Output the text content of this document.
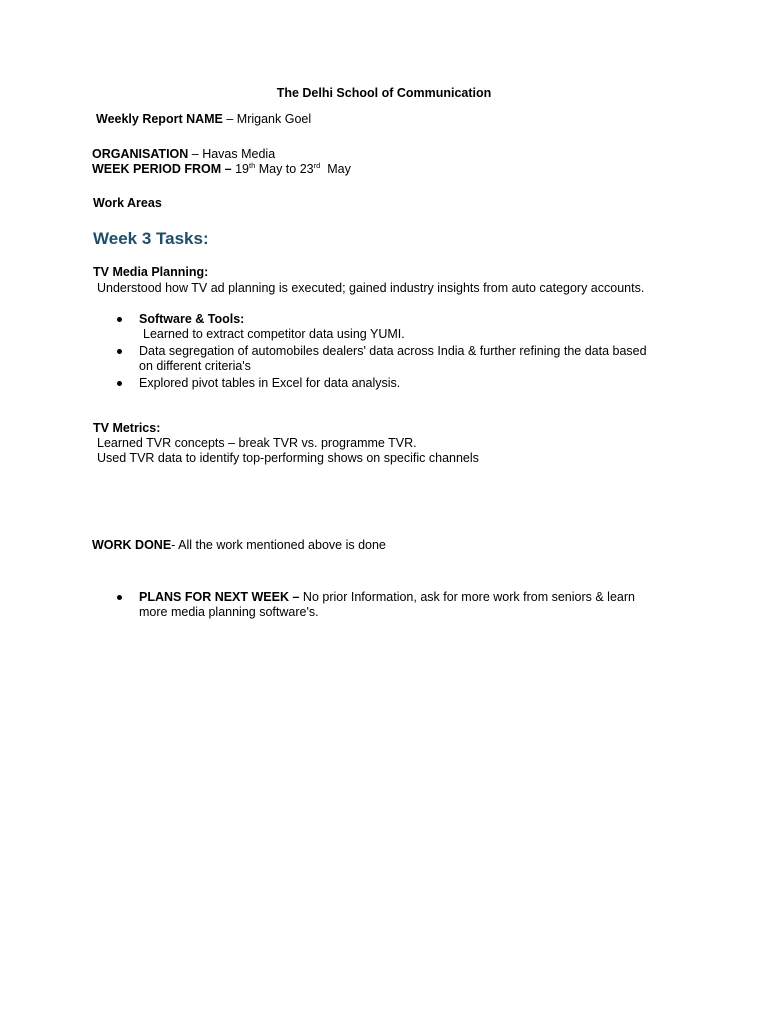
The Delhi School of Communication
Weekly Report NAME – Mrigank Goel
ORGANISATION – Havas Media
WEEK PERIOD FROM – 19th May to 23rd  May
Work Areas
Week 3 Tasks:
TV Media Planning:
Understood how TV ad planning is executed; gained industry insights from auto category accounts.
Software & Tools:
Learned to extract competitor data using YUMI.
Data segregation of automobiles dealers' data across India & further refining the data based
on different criteria's
Explored pivot tables in Excel for data analysis.
TV Metrics:
Learned TVR concepts – break TVR vs. programme TVR.
Used TVR data to identify top-performing shows on specific channels
WORK DONE- All the work mentioned above is done
PLANS FOR NEXT WEEK – No prior Information, ask for more work from seniors & learn
more media planning software's.
